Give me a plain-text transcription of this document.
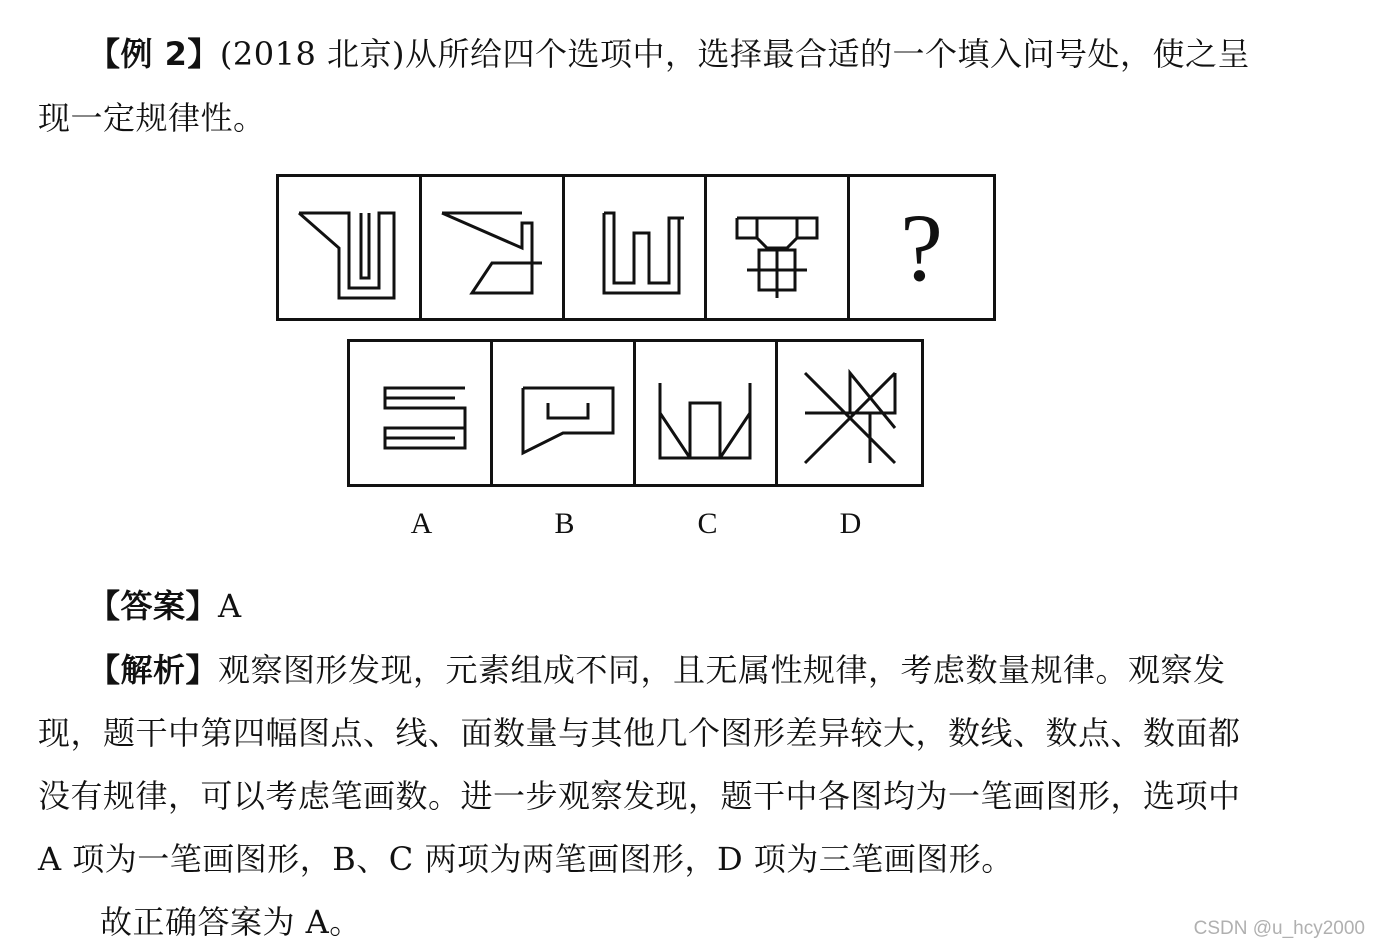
【例 2】(2018 北京)从所给四个选项中，选择最合适的一个填入问号处，使之呈
现一定规律性。
?
A	B	C	D
【答案】A
【解析】观察图形发现，元素组成不同，且无属性规律，考虑数量规律。观察发
现，题干中第四幅图点、线、面数量与其他几个图形差异较大，数线、数点、数面都
没有规律，可以考虑笔画数。进一步观察发现，题干中各图均为一笔画图形，选项中
A 项为一笔画图形，B、C 两项为两笔画图形，D 项为三笔画图形。
故正确答案为 A。	CSDN @u_hcy2000
